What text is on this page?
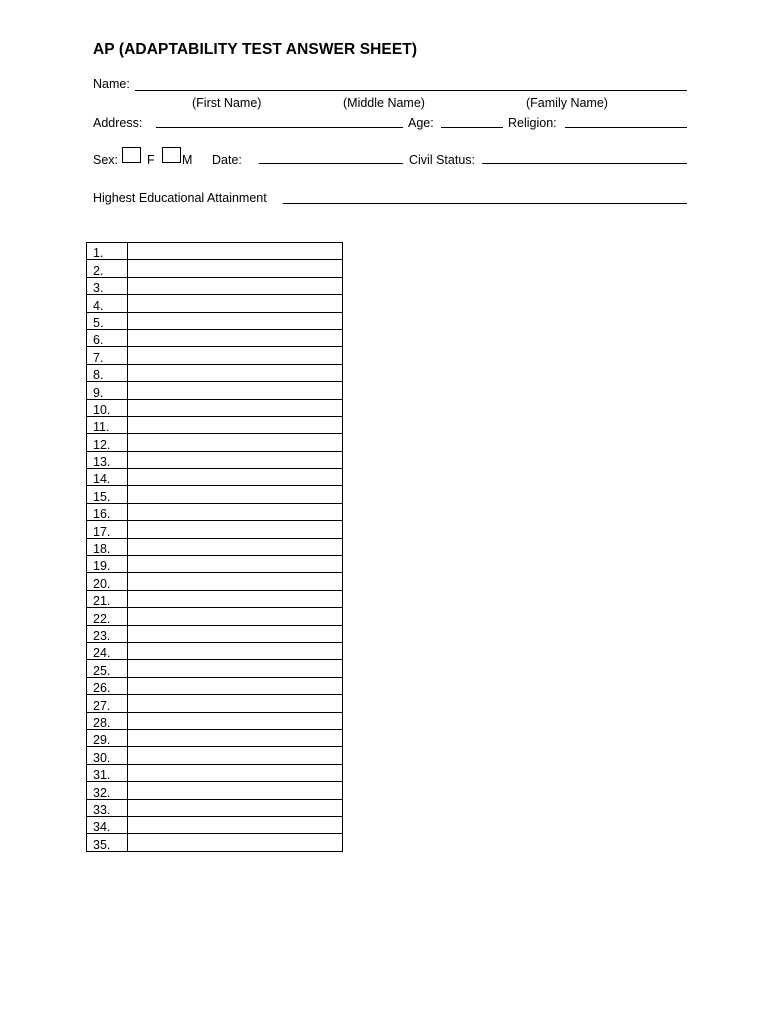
AP (ADAPTABILITY TEST ANSWER SHEET)
Name:
(First Name)	(Middle Name)	(Family Name)
Address:	Age:	Religion:
Sex: F M Date:	Civil Status:
Highest Educational Attainment
1.	
2.	
3.	
4.	
5.	
6.	
7.	
8.	
9.	
10.	
11.	
12.	
13.	
14.	
15.	
16.	
17.	
18.	
19.	
20.	
21.	
22.	
23.	
24.	
25.	
26.	
27.	
28.	
29.	
30.	
31.	
32.	
33.	
34.	
35.	
